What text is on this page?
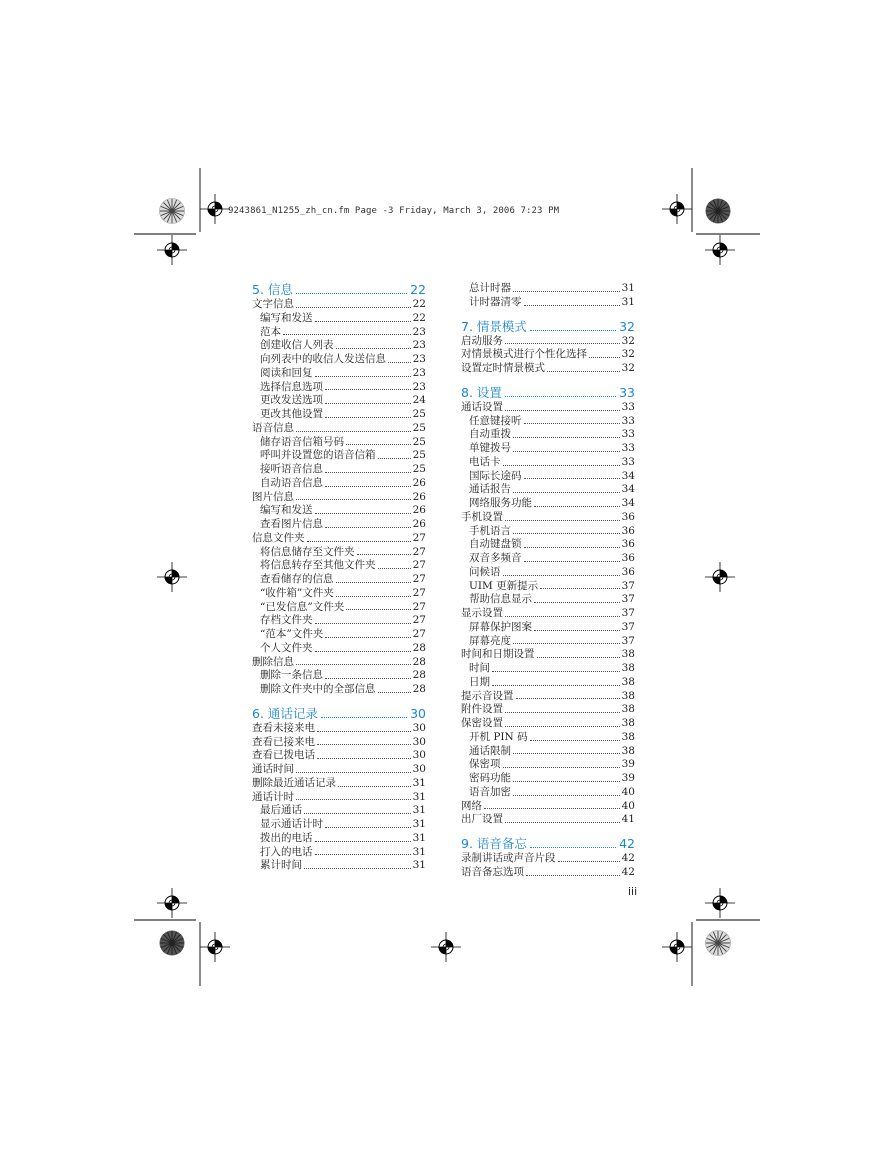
9243861_N1255_zh_cn.fm Page -3 Friday, March 3, 2006 7:23 PM
5. 信息	22
文字信息	22
编写和发送	22
范本	23
创建收信人列表	23
向列表中的收信人发送信息	23
阅读和回复	23
选择信息选项	23
更改发送选项	24
更改其他设置	25
语音信息	25
储存语音信箱号码	25
呼叫并设置您的语音信箱	25
接听语音信息	25
自动语音信息	26
图片信息	26
编写和发送	26
查看图片信息	26
信息文件夹	27
将信息储存至文件夹	27
将信息转存至其他文件夹	27
查看储存的信息	27
“收件箱”文件夹	27
“已发信息”文件夹	27
存档文件夹	27
“范本”文件夹	27
个人文件夹	28
删除信息	28
删除一条信息	28
删除文件夹中的全部信息	28
6. 通话记录	30
查看未接来电	30
查看已接来电	30
查看已拨电话	30
通话时间	30
删除最近通话记录	31
通话计时	31
最后通话	31
显示通话计时	31
拨出的电话	31
打入的电话	31
累计时间	31
总计时器	31
计时器清零	31
7. 情景模式	32
启动服务	32
对情景模式进行个性化选择	32
设置定时情景模式	32
8. 设置	33
通话设置	33
任意键接听	33
自动重拨	33
单键拨号	33
电话卡	33
国际长途码	34
通话报告	34
网络服务功能	34
手机设置	36
手机语言	36
自动键盘锁	36
双音多频音	36
问候语	36
UIM 更新提示	37
帮助信息显示	37
显示设置	37
屏幕保护图案	37
屏幕亮度	37
时间和日期设置	38
时间	38
日期	38
提示音设置	38
附件设置	38
保密设置	38
开机 PIN 码	38
通话限制	38
保密项	39
密码功能	39
语音加密	40
网络	40
出厂设置	41
9. 语音备忘	42
录制讲话或声音片段	42
语音备忘选项	42
iii
